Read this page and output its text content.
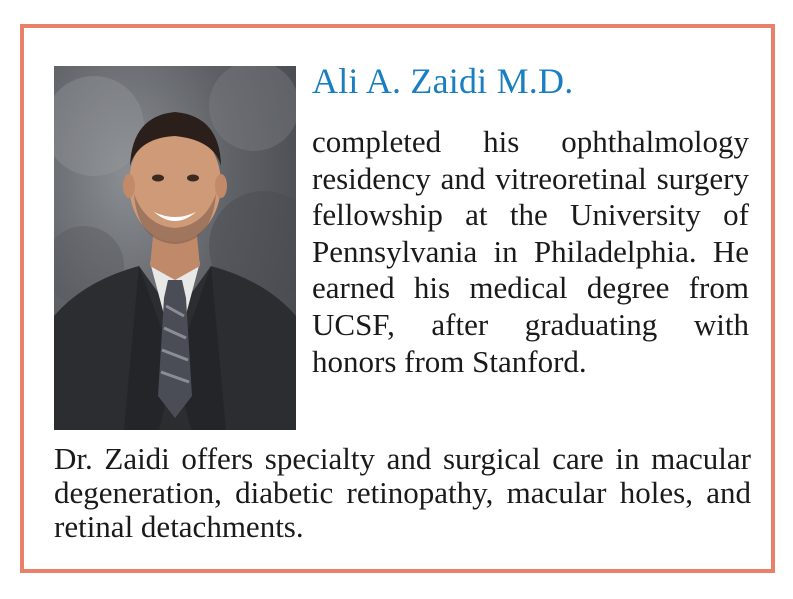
Ali A. Zaidi M.D.

completed his ophthalmology residency and vitreoretinal surgery fellowship at the University of Pennsylvania in Philadelphia. He earned his medical degree from UCSF, after graduating with honors from Stanford.

Dr. Zaidi offers specialty and surgical care in macular degeneration, diabetic retinopathy, macular holes, and retinal detachments.
